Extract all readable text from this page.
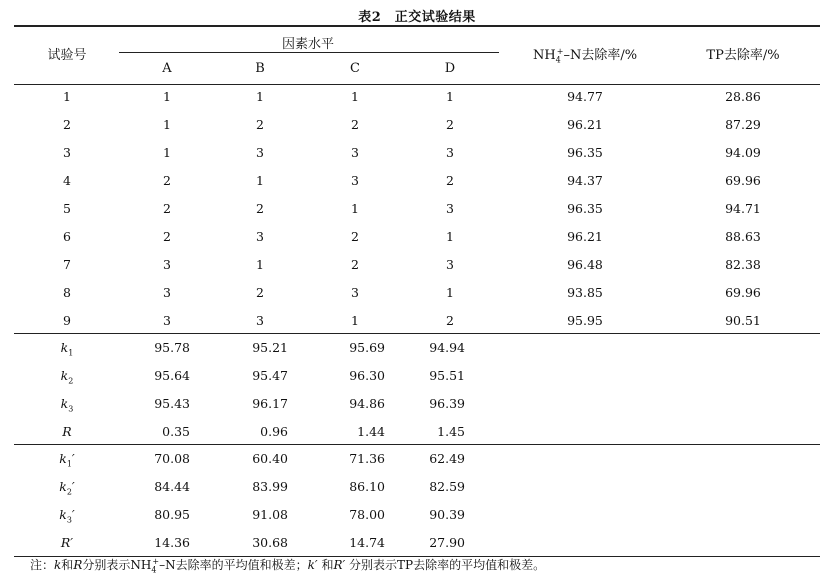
表2　正交试验结果
试验号
因素水平
A	B	C	D
$NH_4^+-N$去除率/%	TP去除率/%
1	1	1	1	1	94.77	28.86
2	1	2	2	2	96.21	87.29
3	1	3	3	3	96.35	94.09
4	2	1	3	2	94.37	69.96
5	2	2	1	3	96.35	94.71
6	2	3	2	1	96.21	88.63
7	3	1	2	3	96.48	82.38
8	3	2	3	1	93.85	69.96
9	3	3	1	2	95.95	90.51
$k_1$	95.78	95.21	95.69	94.94
$k_2$	95.64	95.47	96.30	95.51
$k_3$	95.43	96.17	94.86	96.39
R	0.35	0.96	1.44	1.45
$k_1'$	70.08	60.40	71.36	62.49
$k_2'$	84.44	83.99	86.10	82.59
$k_3'$	80.95	91.08	78.00	90.39
R′	14.36	30.68	14.74	27.90
注：k和R分别表示$NH_4^+-N$去除率的平均值和极差；k′ 和R′ 分别表示TP去除率的平均值和极差。
